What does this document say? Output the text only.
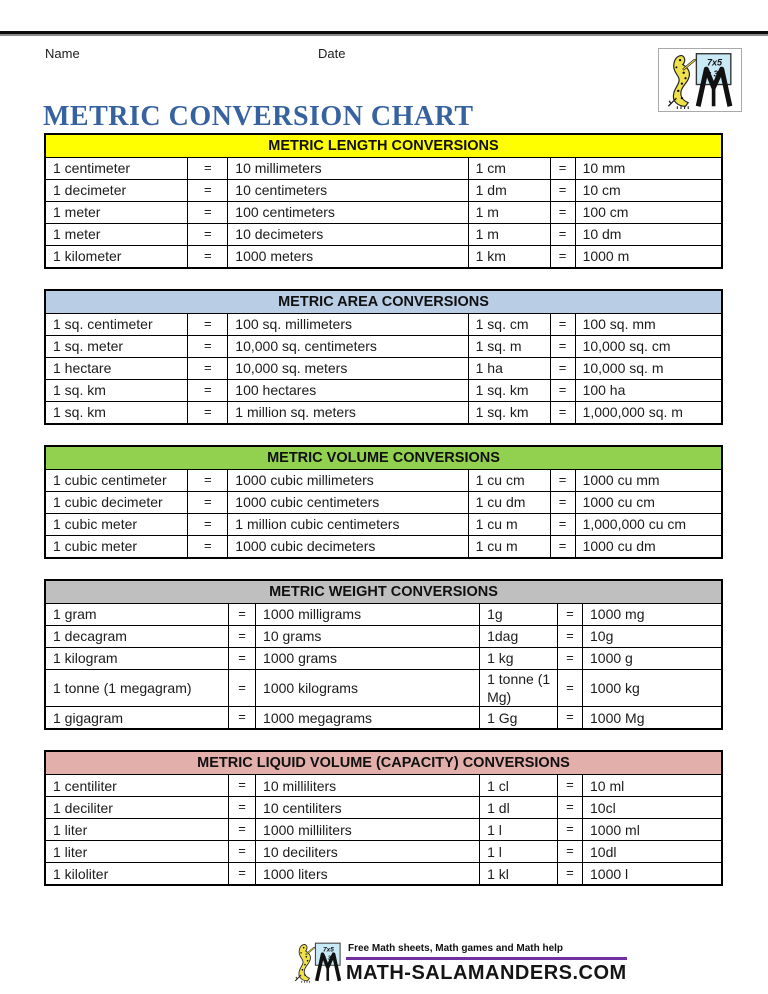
Name	Date
METRIC CONVERSION CHART
METRIC LENGTH CONVERSIONS					
1 centimeter	=	10 millimeters	1 cm	=	10 mm
1 decimeter	=	10 centimeters	1 dm	=	10 cm
1 meter	=	100 centimeters	1 m	=	100 cm
1 meter	=	10 decimeters	1 m	=	10 dm
1 kilometer	=	1000 meters	1 km	=	1000 m
METRIC AREA CONVERSIONS					
1 sq. centimeter	=	100 sq. millimeters	1 sq. cm	=	100 sq. mm
1 sq. meter	=	10,000 sq. centimeters	1 sq. m	=	10,000 sq. cm
1 hectare	=	10,000 sq. meters	1 ha	=	10,000 sq. m
1 sq. km	=	100 hectares	1 sq. km	=	100 ha
1 sq. km	=	1 million sq. meters	1 sq. km	=	1,000,000 sq. m
METRIC VOLUME CONVERSIONS					
1 cubic centimeter	=	1000 cubic millimeters	1 cu cm	=	1000 cu mm
1 cubic decimeter	=	1000 cubic centimeters	1 cu dm	=	1000 cu cm
1 cubic meter	=	1 million cubic centimeters	1 cu m	=	1,000,000 cu cm
1 cubic meter	=	1000 cubic decimeters	1 cu m	=	1000 cu dm
METRIC WEIGHT CONVERSIONS					
1 gram	=	1000 milligrams	1g	=	1000 mg
1 decagram	=	10 grams	1dag	=	10g
1 kilogram	=	1000 grams	1 kg	=	1000 g
1 tonne (1 megagram)	=	1000 kilograms	1 tonne (1 Mg)	=	1000 kg
1 gigagram	=	1000 megagrams	1 Gg	=	1000 Mg
METRIC LIQUID VOLUME (CAPACITY) CONVERSIONS					
1 centiliter	=	10 milliliters	1 cl	=	10 ml
1 deciliter	=	10 centiliters	1 dl	=	10cl
1 liter	=	1000 milliliters	1 l	=	1000 ml
1 liter	=	10 deciliters	1 l	=	10dl
1 kiloliter	=	1000 liters	1 kl	=	1000 l
Free Math sheets, Math games and Math help
MATH-SALAMANDERS.COM
